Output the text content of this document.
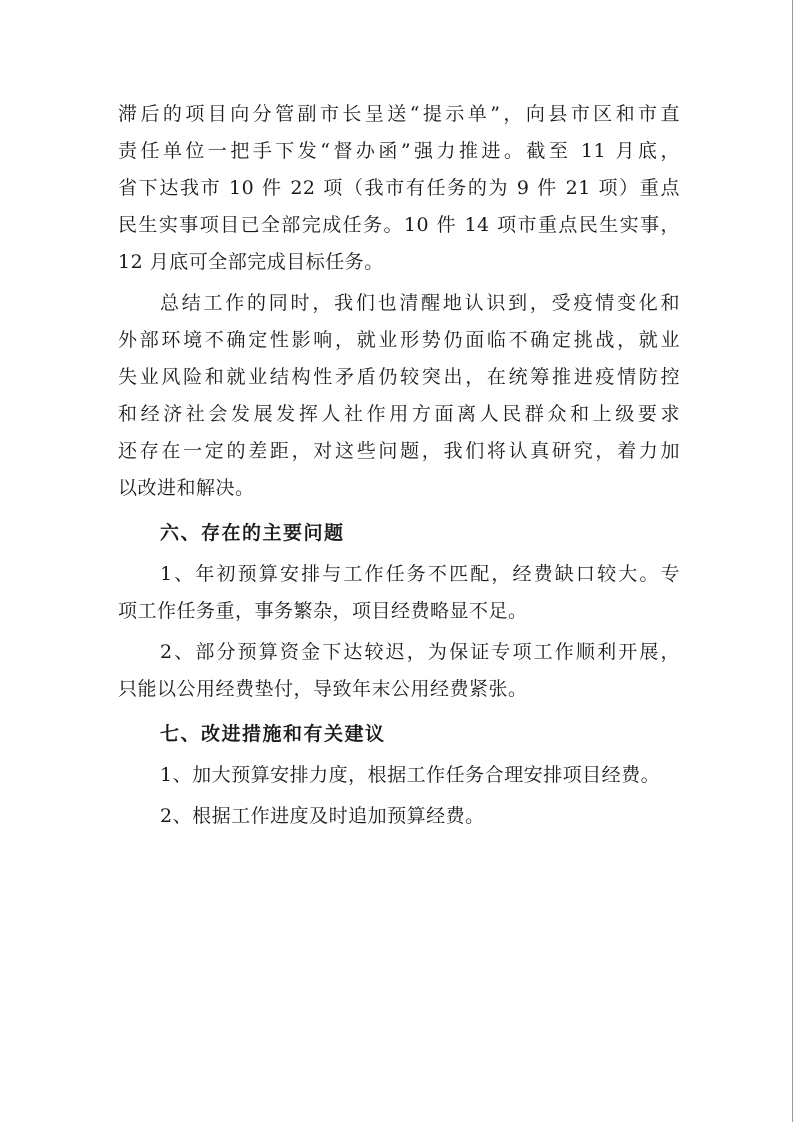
滞后的项目向分管副市长呈送“提示单”，向县市区和市直
责任单位一把手下发“督办函”强力推进。截至 11 月底，
省下达我市 10 件 22 项（我市有任务的为 9 件 21 项）重点
民生实事项目已全部完成任务。10 件 14 项市重点民生实事，
12 月底可全部完成目标任务。
总结工作的同时，我们也清醒地认识到，受疫情变化和
外部环境不确定性影响，就业形势仍面临不确定挑战，就业
失业风险和就业结构性矛盾仍较突出，在统筹推进疫情防控
和经济社会发展发挥人社作用方面离人民群众和上级要求
还存在一定的差距，对这些问题，我们将认真研究，着力加
以改进和解决。
六、存在的主要问题
1、年初预算安排与工作任务不匹配，经费缺口较大。专
项工作任务重，事务繁杂，项目经费略显不足。
2、部分预算资金下达较迟，为保证专项工作顺利开展，
只能以公用经费垫付，导致年末公用经费紧张。
七、改进措施和有关建议
1、加大预算安排力度，根据工作任务合理安排项目经费。
2、根据工作进度及时追加预算经费。
